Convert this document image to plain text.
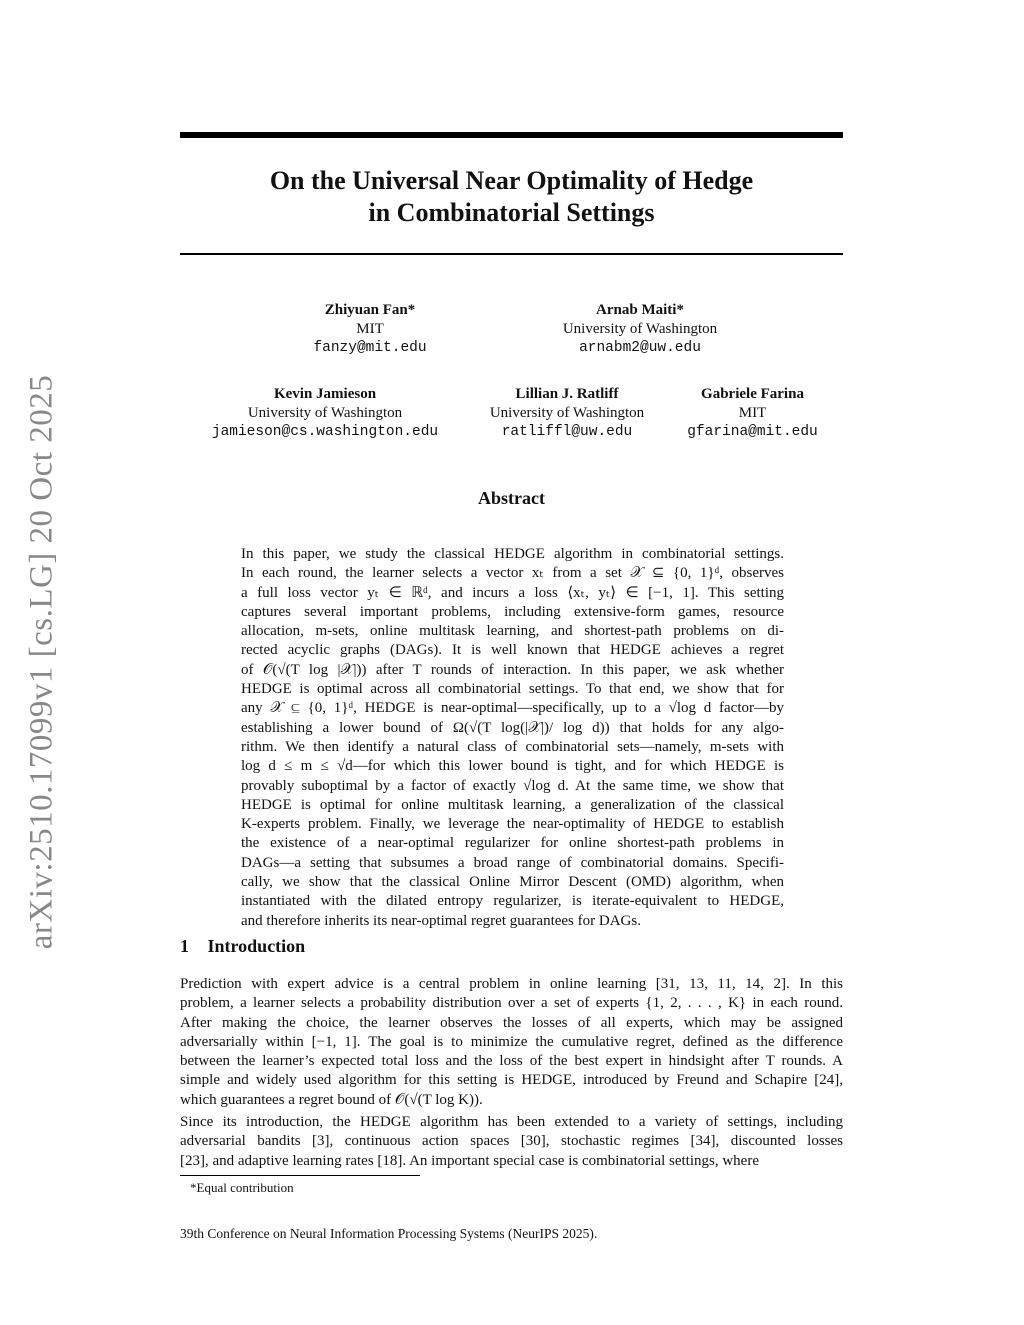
arXiv:2510.17099v1 [cs.LG] 20 Oct 2025
On the Universal Near Optimality of Hedge
in Combinatorial Settings
Zhiyuan Fan*
MIT
fanzy@mit.edu
Arnab Maiti*
University of Washington
arnabm2@uw.edu
Kevin Jamieson
University of Washington
jamieson@cs.washington.edu
Lillian J. Ratliff
University of Washington
ratliffl@uw.edu
Gabriele Farina
MIT
gfarina@mit.edu
Abstract
In this paper, we study the classical HEDGE algorithm in combinatorial settings.
In each round, the learner selects a vector xₜ from a set 𝒳 ⊆ {0, 1}ᵈ, observes
a full loss vector yₜ ∈ ℝᵈ, and incurs a loss ⟨xₜ, yₜ⟩ ∈ [−1, 1]. This setting
captures several important problems, including extensive-form games, resource
allocation, m-sets, online multitask learning, and shortest-path problems on di-
rected acyclic graphs (DAGs). It is well known that HEDGE achieves a regret
of 𝒪(√(T log |𝒳|)) after T rounds of interaction. In this paper, we ask whether
HEDGE is optimal across all combinatorial settings. To that end, we show that for
any 𝒳 ⊆ {0, 1}ᵈ, HEDGE is near-optimal—specifically, up to a √log d factor—by
establishing a lower bound of Ω(√(T log(|𝒳|)/ log d)) that holds for any algo-
rithm. We then identify a natural class of combinatorial sets—namely, m-sets with
log d ≤ m ≤ √d—for which this lower bound is tight, and for which HEDGE is
provably suboptimal by a factor of exactly √log d. At the same time, we show that
HEDGE is optimal for online multitask learning, a generalization of the classical
K-experts problem. Finally, we leverage the near-optimality of HEDGE to establish
the existence of a near-optimal regularizer for online shortest-path problems in
DAGs—a setting that subsumes a broad range of combinatorial domains. Specifi-
cally, we show that the classical Online Mirror Descent (OMD) algorithm, when
instantiated with the dilated entropy regularizer, is iterate-equivalent to HEDGE,
and therefore inherits its near-optimal regret guarantees for DAGs.
1 Introduction
Prediction with expert advice is a central problem in online learning [31, 13, 11, 14, 2]. In this
problem, a learner selects a probability distribution over a set of experts {1, 2, . . . , K} in each round.
After making the choice, the learner observes the losses of all experts, which may be assigned
adversarially within [−1, 1]. The goal is to minimize the cumulative regret, defined as the difference
between the learner’s expected total loss and the loss of the best expert in hindsight after T rounds. A
simple and widely used algorithm for this setting is HEDGE, introduced by Freund and Schapire [24],
which guarantees a regret bound of 𝒪(√(T log K)).
Since its introduction, the HEDGE algorithm has been extended to a variety of settings, including
adversarial bandits [3], continuous action spaces [30], stochastic regimes [34], discounted losses
[23], and adaptive learning rates [18]. An important special case is combinatorial settings, where
*Equal contribution
39th Conference on Neural Information Processing Systems (NeurIPS 2025).
